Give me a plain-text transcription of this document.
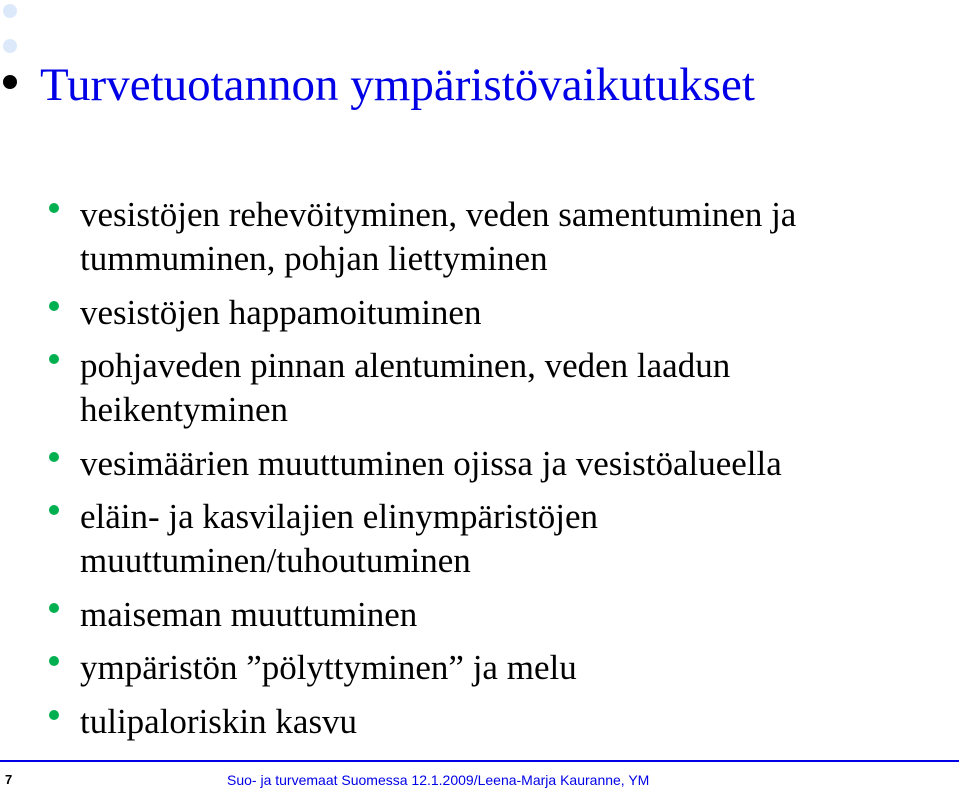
Turvetuotannon ympäristövaikutukset
vesistöjen rehevöityminen, veden samentuminen ja
tummuminen, pohjan liettyminen
vesistöjen happamoituminen
pohjaveden pinnan alentuminen, veden laadun
heikentyminen
vesimäärien muuttuminen ojissa ja vesistöalueella
eläin- ja kasvilajien elinympäristöjen
muuttuminen/tuhoutuminen
maiseman muuttuminen
ympäristön ”pölyttyminen” ja melu
tulipaloriskin kasvu
7	Suo- ja turvemaat Suomessa 12.1.2009/Leena-Marja Kauranne, YM
